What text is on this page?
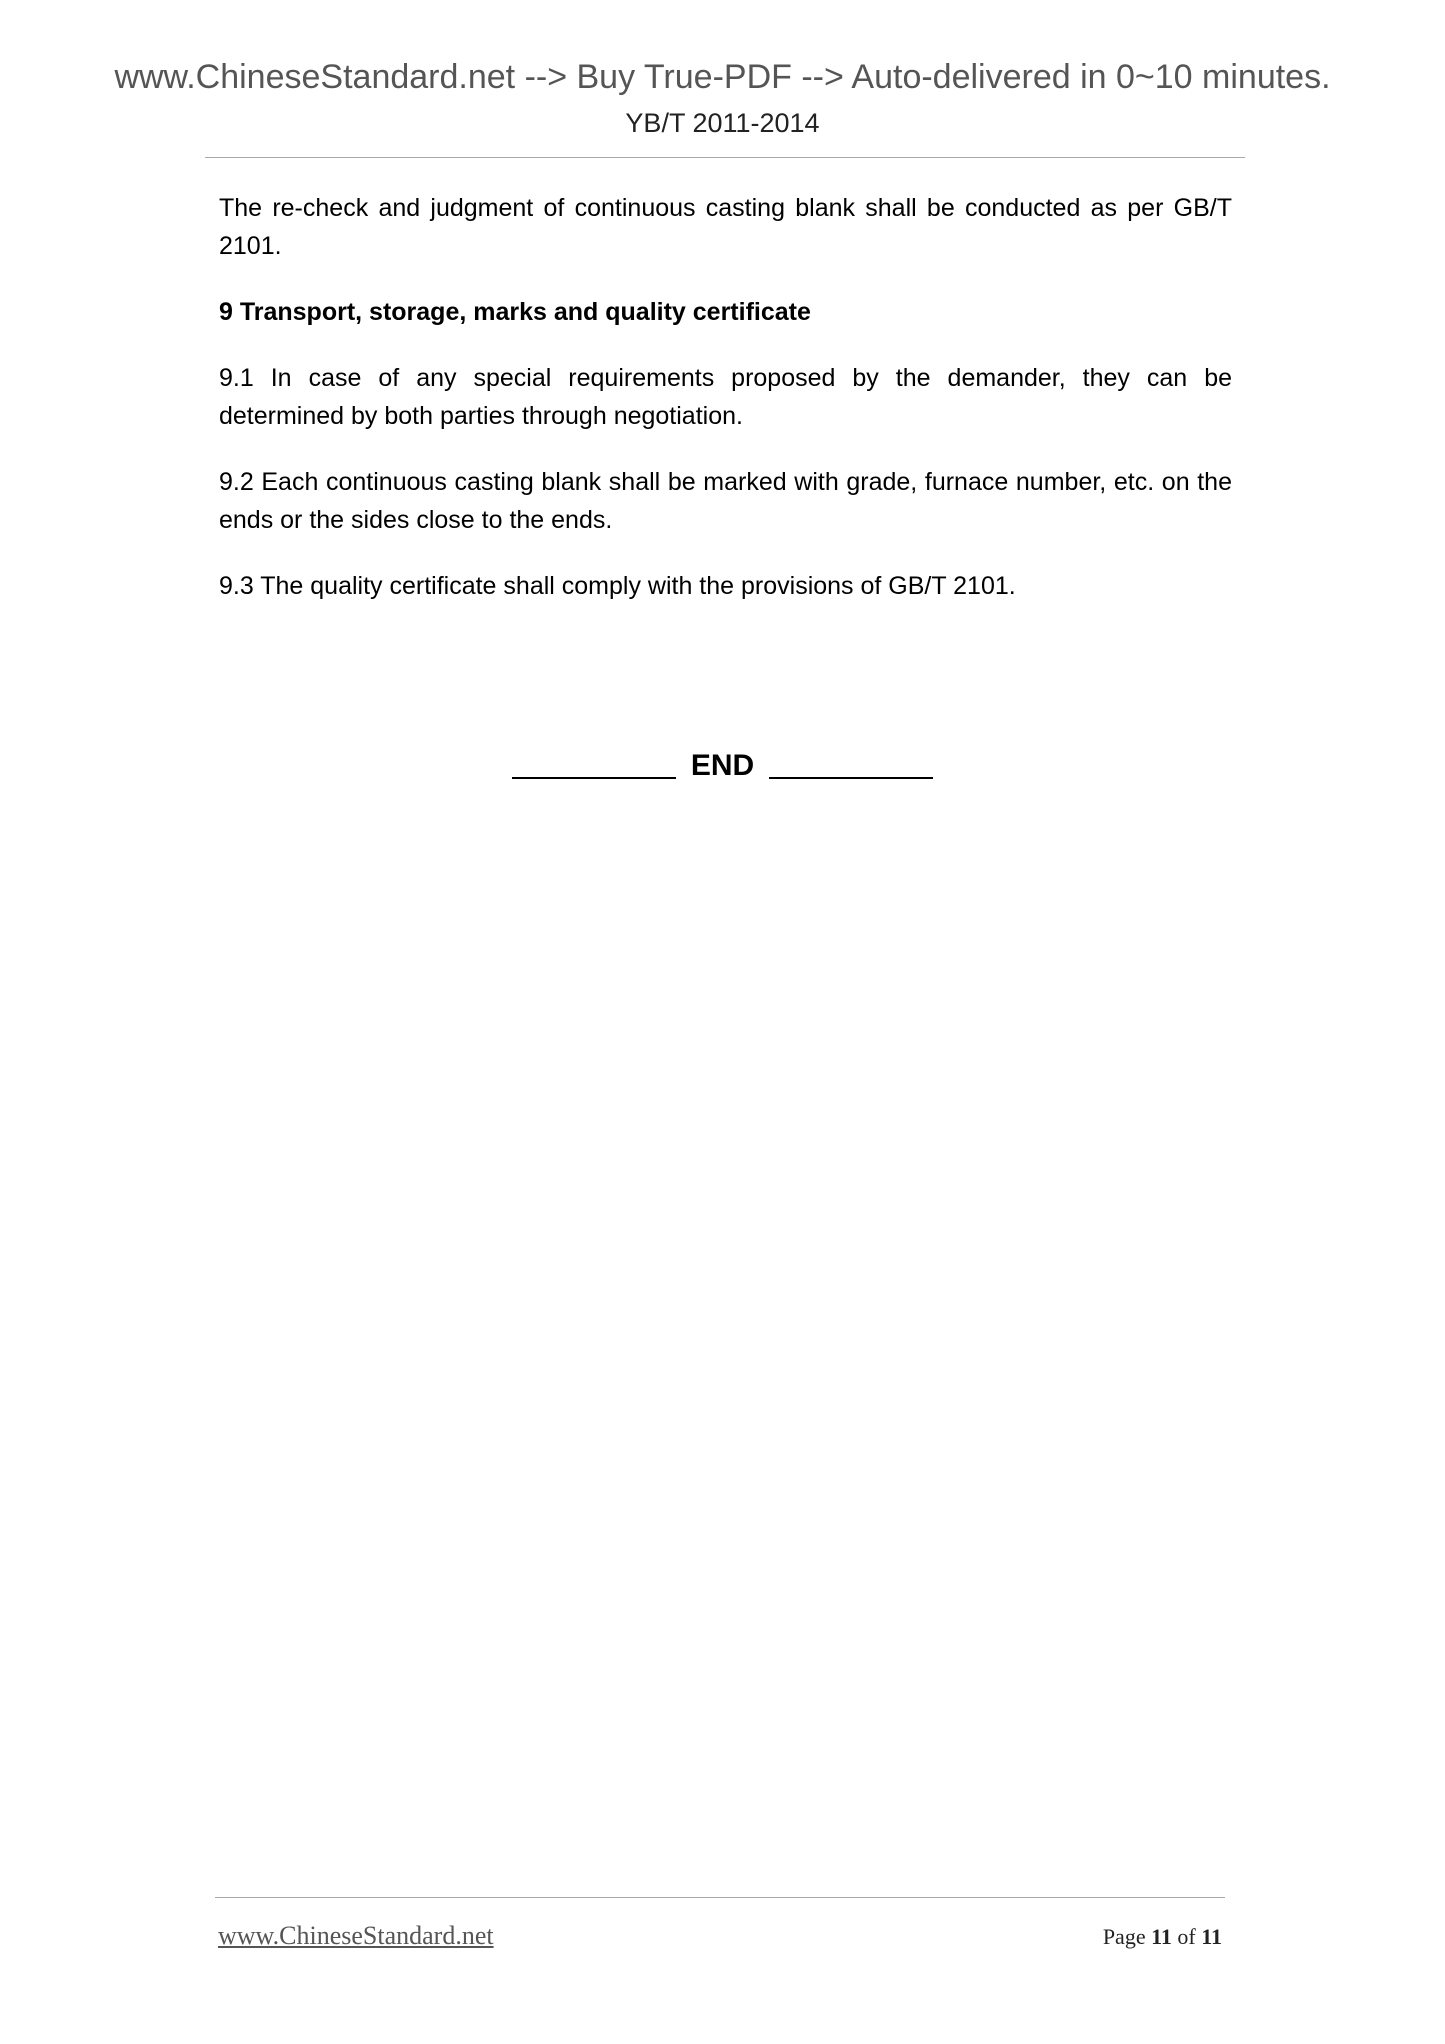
www.ChineseStandard.net --> Buy True-PDF --> Auto-delivered in 0~10 minutes.
YB/T 2011-2014

The re-check and judgment of continuous casting blank shall be conducted as per GB/T 2101.

9 Transport, storage, marks and quality certificate

9.1 In case of any special requirements proposed by the demander, they can be determined by both parties through negotiation.

9.2 Each continuous casting blank shall be marked with grade, furnace number, etc. on the ends or the sides close to the ends.

9.3 The quality certificate shall comply with the provisions of GB/T 2101.

END
www.ChineseStandard.net	Page 11 of 11
